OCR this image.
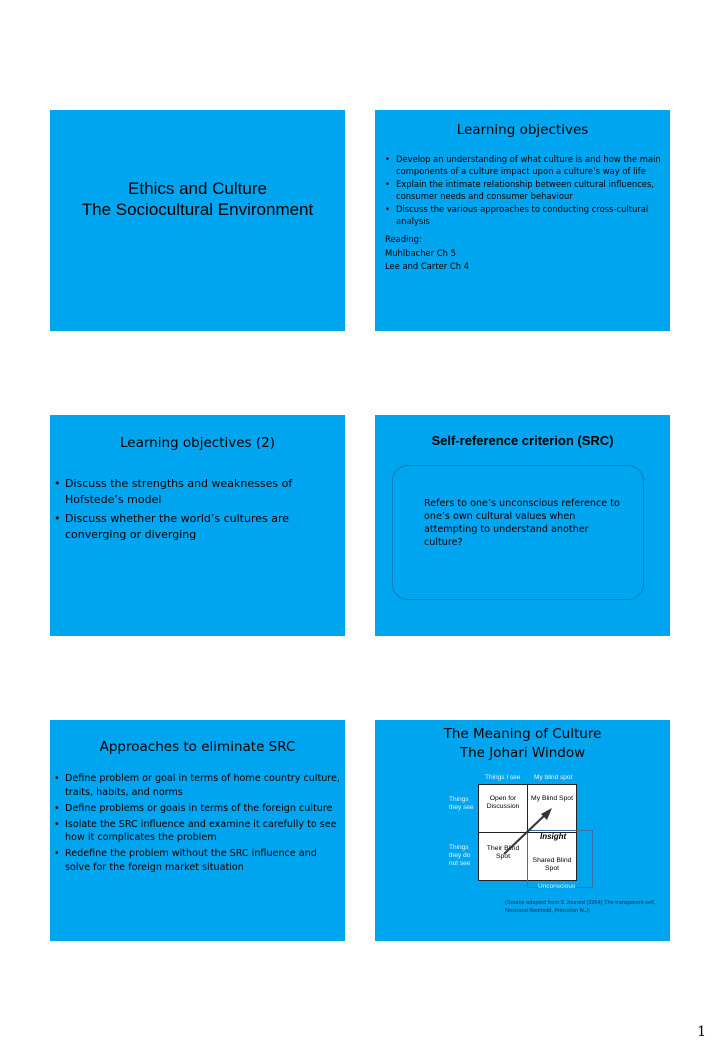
Ethics and Culture
The Sociocultural Environment
Learning objectives
• Develop an understanding of what culture is and how the main components of a culture impact upon a culture’s way of life
• Explain the intimate relationship between cultural influences, consumer needs and consumer behaviour
• Discuss the various approaches to conducting cross-cultural analysis
Reading:
Muhlbacher Ch 5
Lee and Carter Ch 4
Learning objectives (2)
• Discuss the strengths and weaknesses of Hofstede’s model
• Discuss whether the world’s cultures are converging or diverging
Self-reference criterion (SRC)
Refers to one’s unconscious reference to one’s own cultural values when attempting to understand another culture?
Approaches to eliminate SRC
• Define problem or goal in terms of home country culture, traits, habits, and norms
• Define problems or goals in terms of the foreign culture
• Isolate the SRC influence and examine it carefully to see how it complicates the problem
• Redefine the problem without the SRC influence and solve for the foreign market situation
The Meaning of Culture
The Johari Window
Things I see My blind spot
Things they see
Things they do not see
Open for Discussion
My Blind Spot
Their Blind Spot
Shared Blind Spot
Insight
Unconscious
(Source adapted from S Jourard (1964) The transparent self, Nostrand Reinhold, Princeton N.J)
1
